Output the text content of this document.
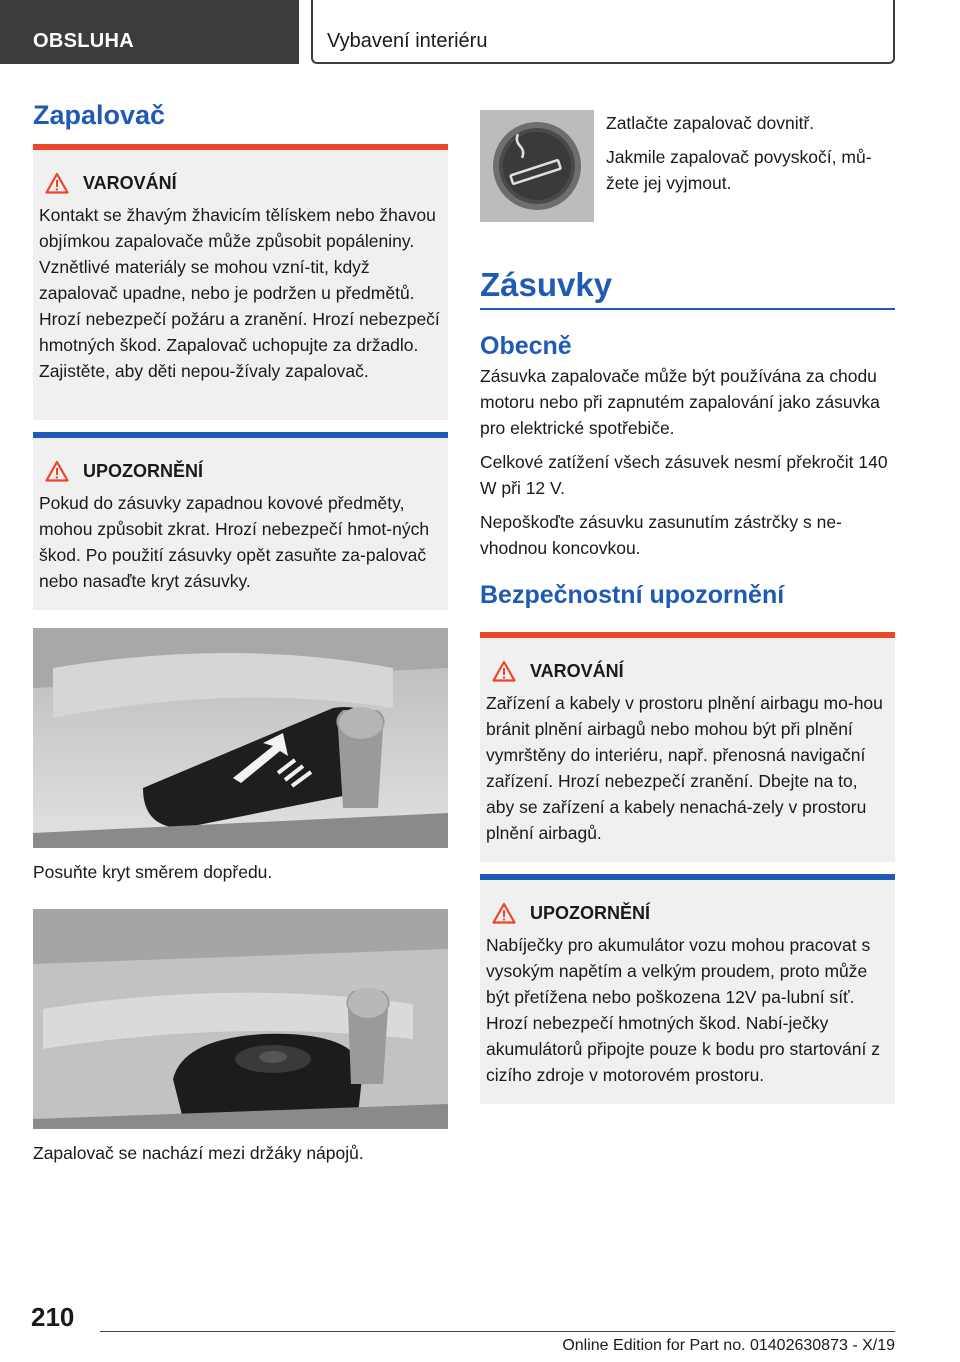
OBSLUHA	Vybavení interiéru
Zapalovač
VAROVÁNÍ
Kontakt se žhavým žhavicím tělískem nebo žhavou objímkou zapalovače může způsobit popáleniny. Vznětlivé materiály se mohou vzní-tit, když zapalovač upadne, nebo je podržen u předmětů. Hrozí nebezpečí požáru a zranění. Hrozí nebezpečí hmotných škod. Zapalovač uchopujte za držadlo. Zajistěte, aby děti nepou-žívaly zapalovač.
UPOZORNĚNÍ
Pokud do zásuvky zapadnou kovové předměty, mohou způsobit zkrat. Hrozí nebezpečí hmot-ných škod. Po použití zásuvky opět zasuňte za-palovač nebo nasaďte kryt zásuvky.
Posuňte kryt směrem dopředu.
Zapalovač se nachází mezi držáky nápojů.
Zatlačte zapalovač dovnitř.
Jakmile zapalovač povyskočí, mů-žete jej vyjmout.
Zásuvky
Obecně
Zásuvka zapalovače může být používána za chodu motoru nebo při zapnutém zapalování jako zásuvka pro elektrické spotřebiče.
Celkové zatížení všech zásuvek nesmí překročit 140 W při 12 V.
Nepoškoďte zásuvku zasunutím zástrčky s ne-vhodnou koncovkou.
Bezpečnostní upozornění
VAROVÁNÍ
Zařízení a kabely v prostoru plnění airbagu mo-hou bránit plnění airbagů nebo mohou být při plnění vymrštěny do interiéru, např. přenosná navigační zařízení. Hrozí nebezpečí zranění. Dbejte na to, aby se zařízení a kabely nenachá-zely v prostoru plnění airbagů.
UPOZORNĚNÍ
Nabíječky pro akumulátor vozu mohou pracovat s vysokým napětím a velkým proudem, proto může být přetížena nebo poškozena 12V pa-lubní síť. Hrozí nebezpečí hmotných škod. Nabí-ječky akumulátorů připojte pouze k bodu pro startování z cizího zdroje v motorovém prostoru.
210
Online Edition for Part no. 01402630873 - X/19
